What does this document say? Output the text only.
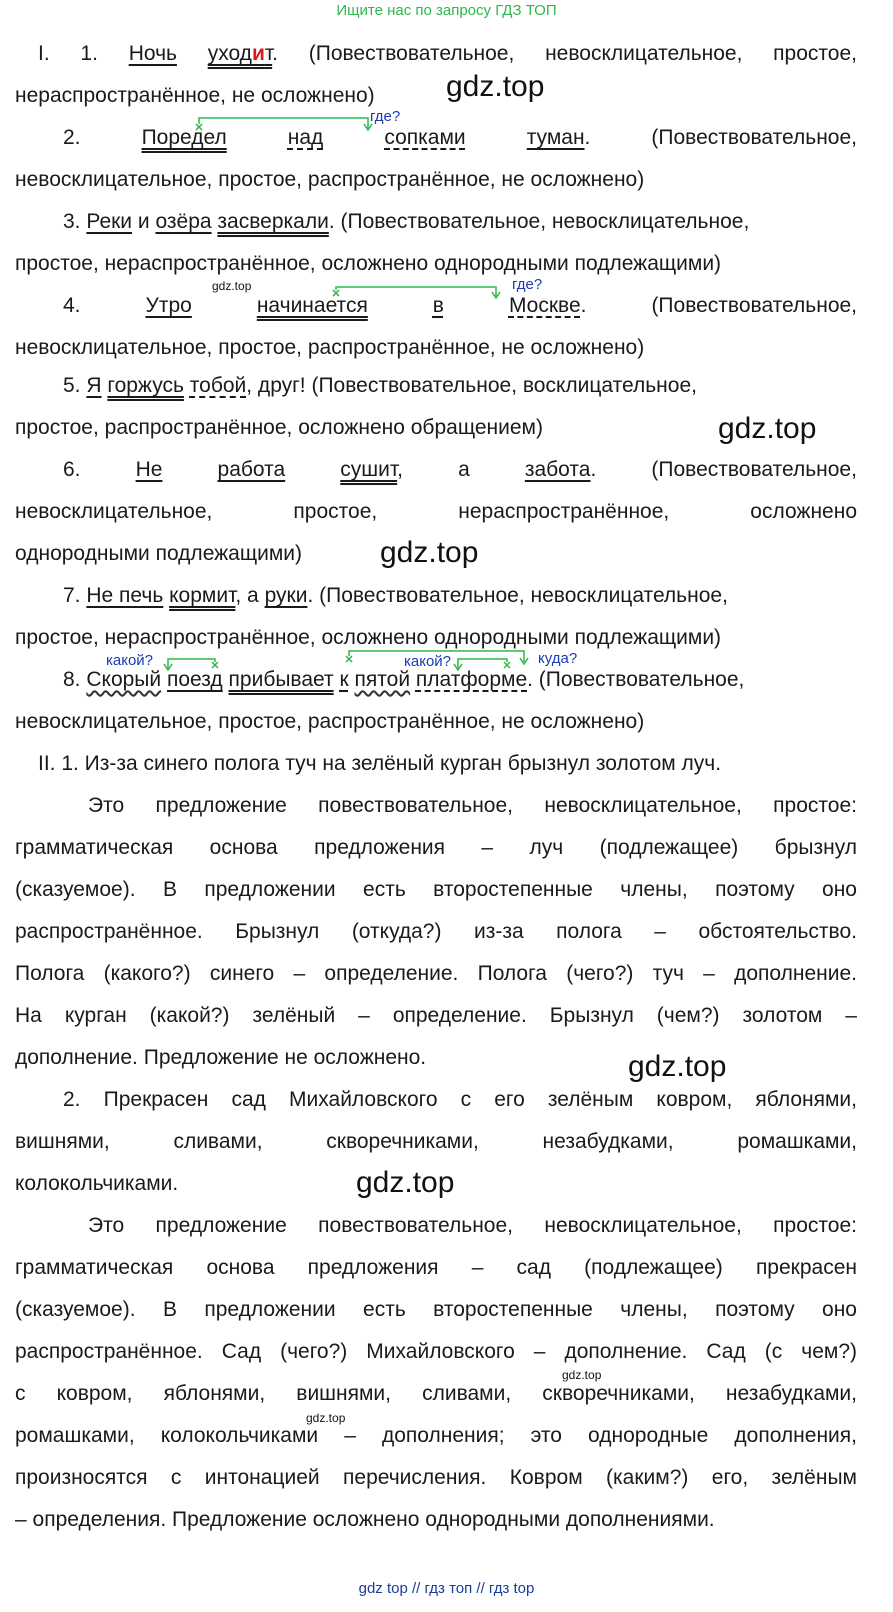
Ищите нас по запросу ГДЗ ТОП
I. 1. Ночь уходит. (Повествовательное, невосклицательное, простое,
нераспространённое, не осложнено)
2.	Поредел	над	сопками	туман. (Повествовательное,
невосклицательное, простое, распространённое, не осложнено)
3. Реки и озёра засверкали. (Повествовательное, невосклицательное,
простое, нераспространённое, осложнено однородными подлежащими)
4.	Утро	начинается	в	Москве. (Повествовательное,
невосклицательное, простое, распространённое, не осложнено)
5. Я горжусь тобой, друг! (Повествовательное, восклицательное,
простое, распространённое, осложнено обращением)
6.	Не	работа	сушит,	а	забота. (Повествовательное,
невосклицательное, простое, нераспространённое, осложнено
однородными подлежащими)
7. Не печь кормит, а руки. (Повествовательное, невосклицательное,
простое, нераспространённое, осложнено однородными подлежащими)
8. Скорый поезд прибывает к пятой платформе. (Повествовательное,
невосклицательное, простое, распространённое, не осложнено)
где?
где?
какой?	какой?	куда?
II. 1. Из-за синего полога туч на зелёный курган брызнул золотом луч.
Это предложение повествовательное, невосклицательное, простое:
грамматическая основа предложения – луч (подлежащее) брызнул
(сказуемое). В предложении есть второстепенные члены, поэтому оно
распространённое. Брызнул (откуда?) из-за полога – обстоятельство.
Полога (какого?) синего – определение. Полога (чего?) туч – дополнение.
На курган (какой?) зелёный – определение. Брызнул (чем?) золотом –
дополнение. Предложение не осложнено.
2. Прекрасен сад Михайловского с его зелёным ковром, яблонями,
вишнями, сливами, скворечниками, незабудками, ромашками,
колокольчиками.
Это предложение повествовательное, невосклицательное, простое:
грамматическая основа предложения – сад (подлежащее) прекрасен
(сказуемое). В предложении есть второстепенные члены, поэтому оно
распространённое. Сад (чего?) Михайловского – дополнение. Сад (с чем?)
с ковром, яблонями, вишнями, сливами, скворечниками, незабудками,
ромашками, колокольчиками – дополнения; это однородные дополнения,
произносятся с интонацией перечисления. Ковром (каким?) его, зелёным
– определения. Предложение осложнено однородными дополнениями.
gdz.top
gdz.top
gdz.top
gdz.top
gdz.top
gdz.top
gdz.top
gdz.top
gdz top // гдз топ // гдз top
